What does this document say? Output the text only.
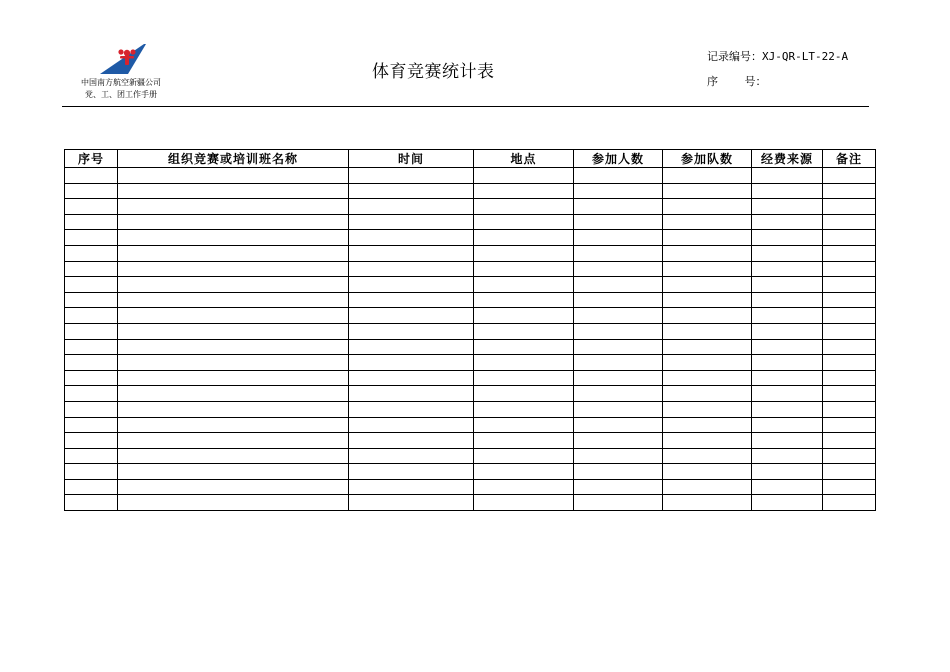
中国南方航空新疆公司
党、工、团工作手册
体育竞赛统计表
记录编号：XJ-QR-LT-22-A
序    号：
序号	组织竞赛或培训班名称	时间	地点	参加人数	参加队数	经费来源	备注
